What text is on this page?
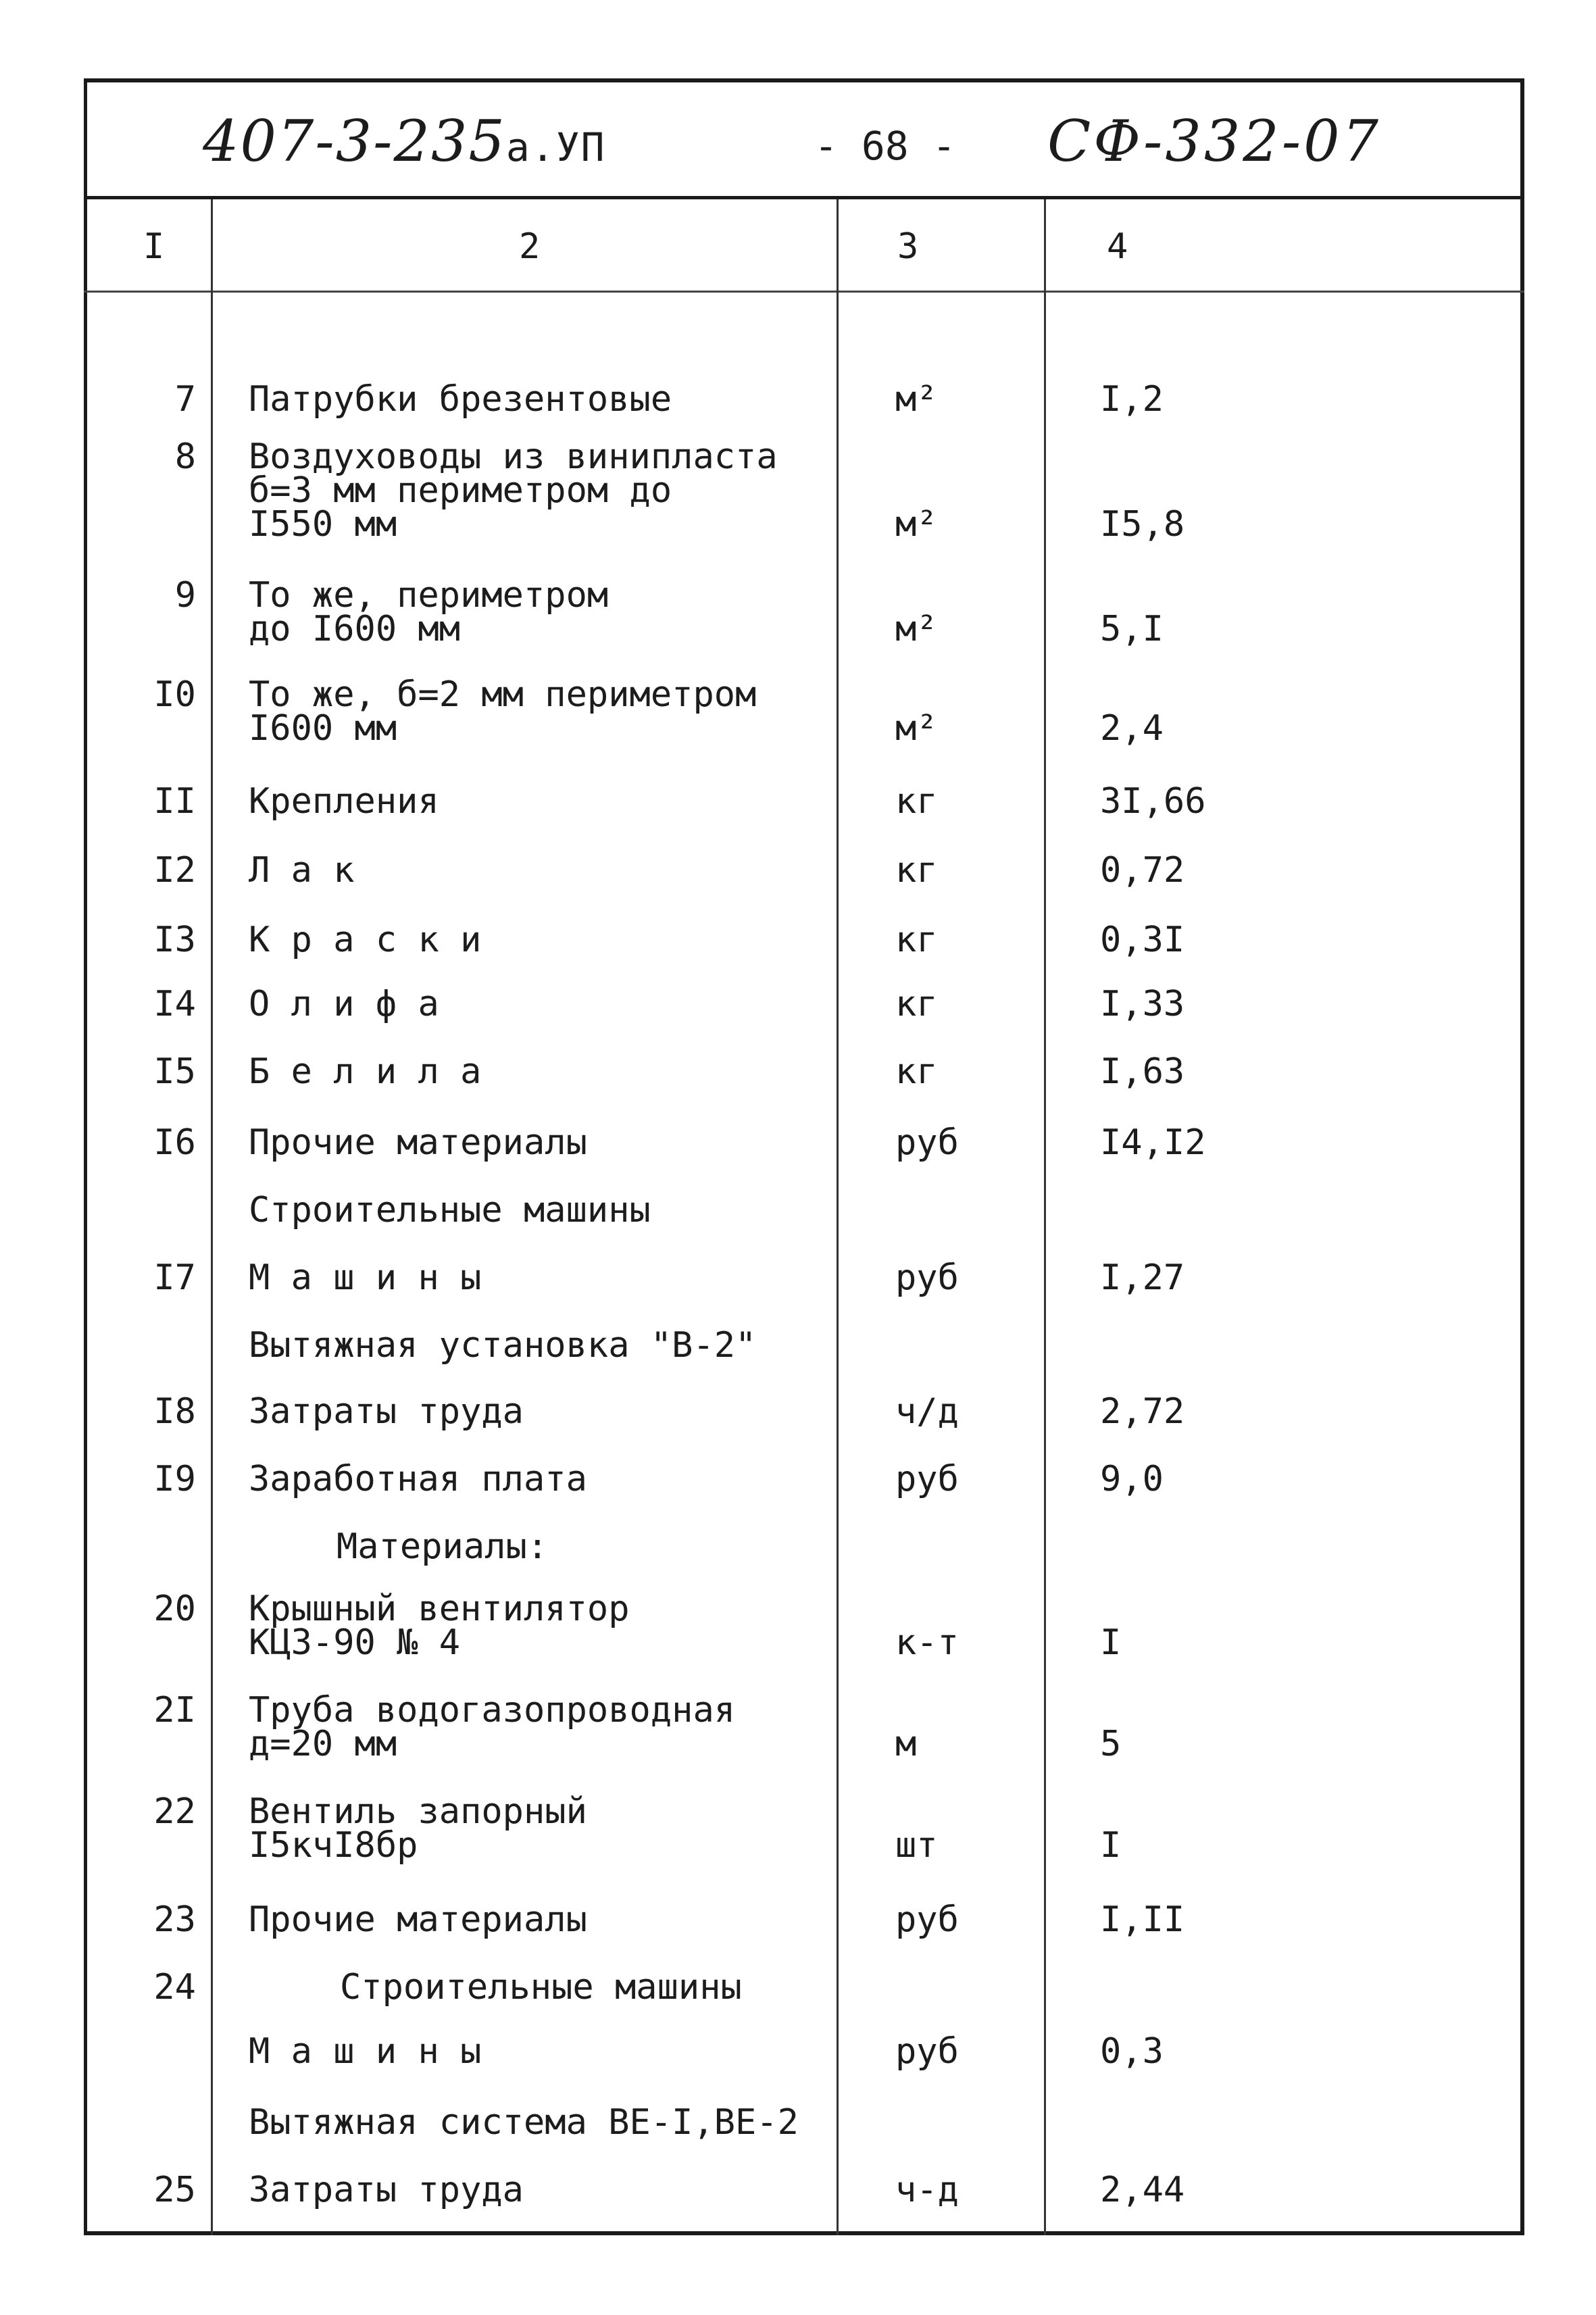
407-3-235а.УП	- 68 - СФ-332-07
I	2	3	4
7 Патрубки брезентовые	м²	I,2
8 Воздуховоды из винипласта
б=3 мм периметром до
I550 мм	м²	I5,8
9 То же, периметром
до I600 мм	м²	5,I
I0 То же, б=2 мм периметром
I600 мм	м²	2,4
II Крепления	кг	3I,66
I2 Л а к	кг	0,72
I3 К р а с к и	кг	0,3I
I4 О л и ф а	кг	I,33
I5 Б е л и л а	кг	I,63
I6 Прочие материалы	руб	I4,I2
Строительные машины
I7 М а ш и н ы	руб	I,27
Вытяжная установка "В-2"
I8 Затраты труда	ч/д	2,72
I9 Заработная плата	руб	9,0
Материалы:
20 Крышный вентилятор
КЦЗ-90 № 4	к-т	I
2I Труба водогазопроводная
д=20 мм	м	5
22 Вентиль запорный
I5кчI8бр	шт	I
23 Прочие материалы	руб	I,II
24	Строительные машины
М а ш и н ы	руб	0,3
Вытяжная система ВЕ-I,ВЕ-2
25 Затраты труда	ч-д	2,44
